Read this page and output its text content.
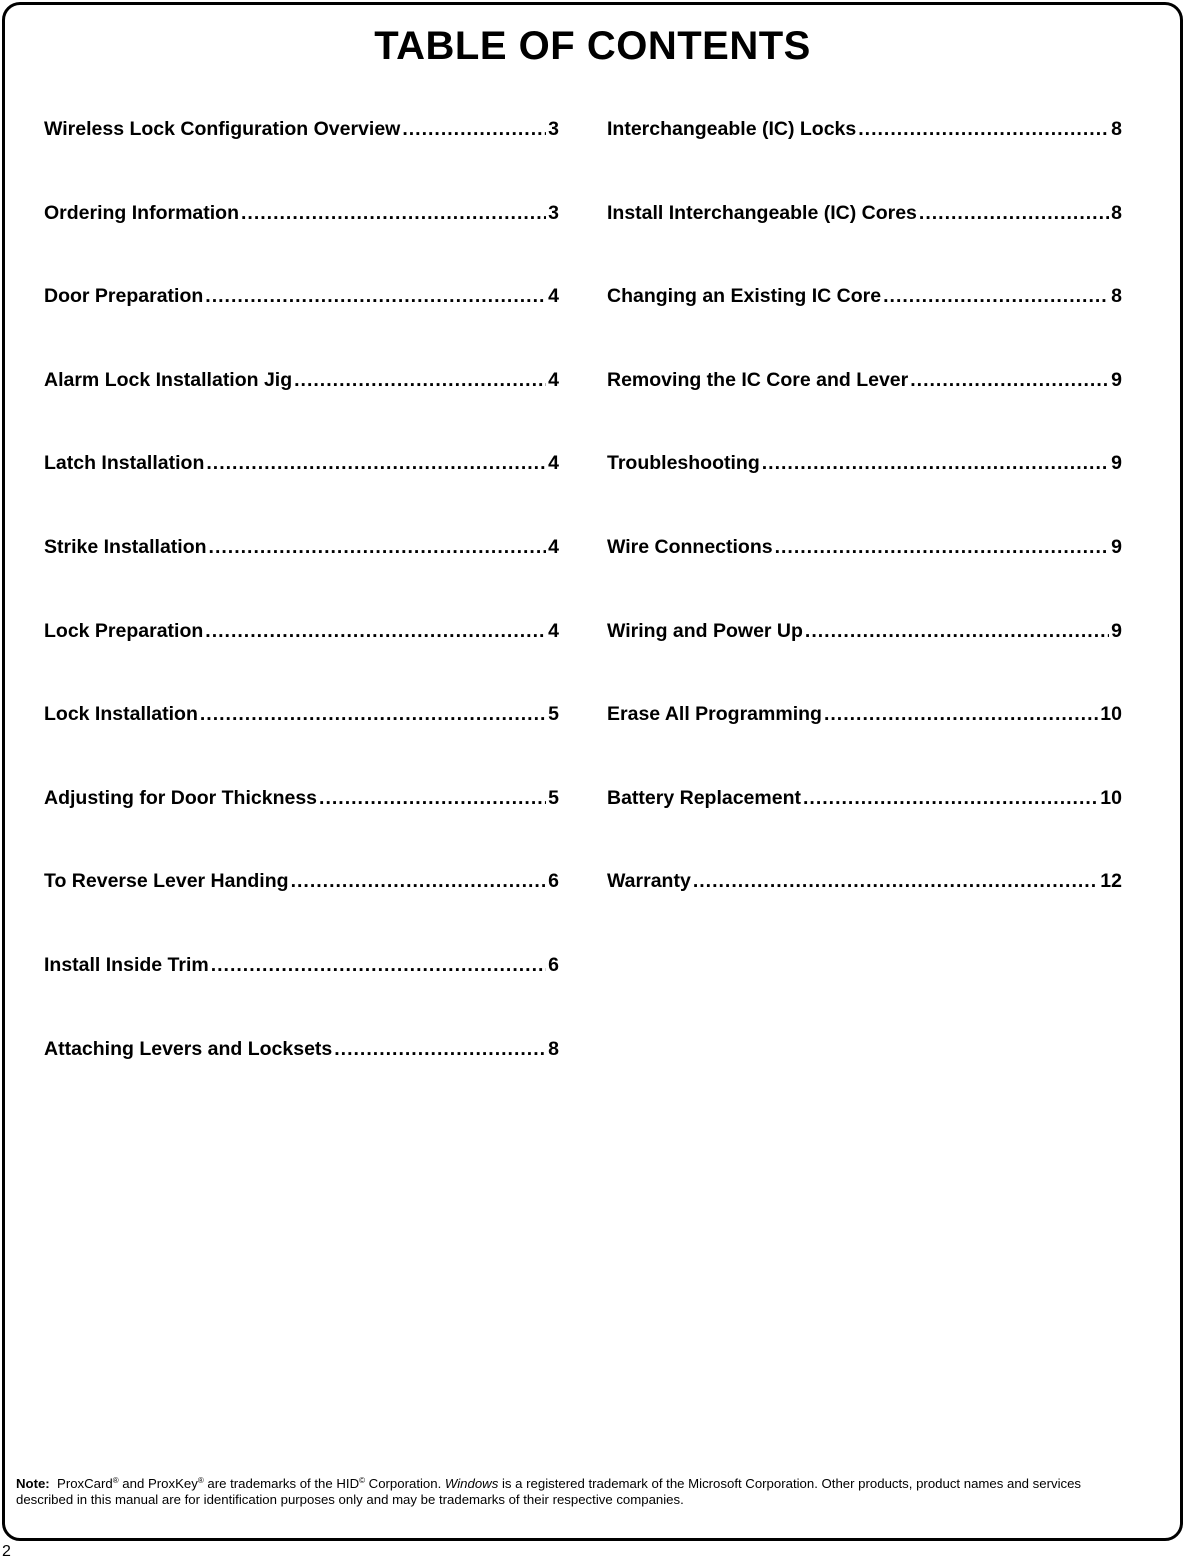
TABLE OF CONTENTS
Wireless Lock Configuration Overview .....	3
Ordering Information .....	3
Door Preparation .....	4
Alarm Lock Installation Jig .....	4
Latch Installation .....	4
Strike Installation .....	4
Lock Preparation .....	4
Lock Installation .....	5
Adjusting for Door Thickness .....	5
To Reverse Lever Handing .....	6
Install Inside Trim .....	6
Attaching Levers and Locksets .....	8
Interchangeable (IC) Locks .....	8
Install Interchangeable (IC) Cores .....	8
Changing an Existing IC Core .....	8
Removing the IC Core and Lever .....	9
Troubleshooting .....	9
Wire Connections .....	9
Wiring and Power Up .....	9
Erase All Programming .....	10
Battery Replacement .....	10
Warranty .....	12
Note: ProxCard® and ProxKey® are trademarks of the HID© Corporation. Windows is a registered trademark of the Microsoft Corporation. Other products, product names and services described in this manual are for identification purposes only and may be trademarks of their respective companies.
2
